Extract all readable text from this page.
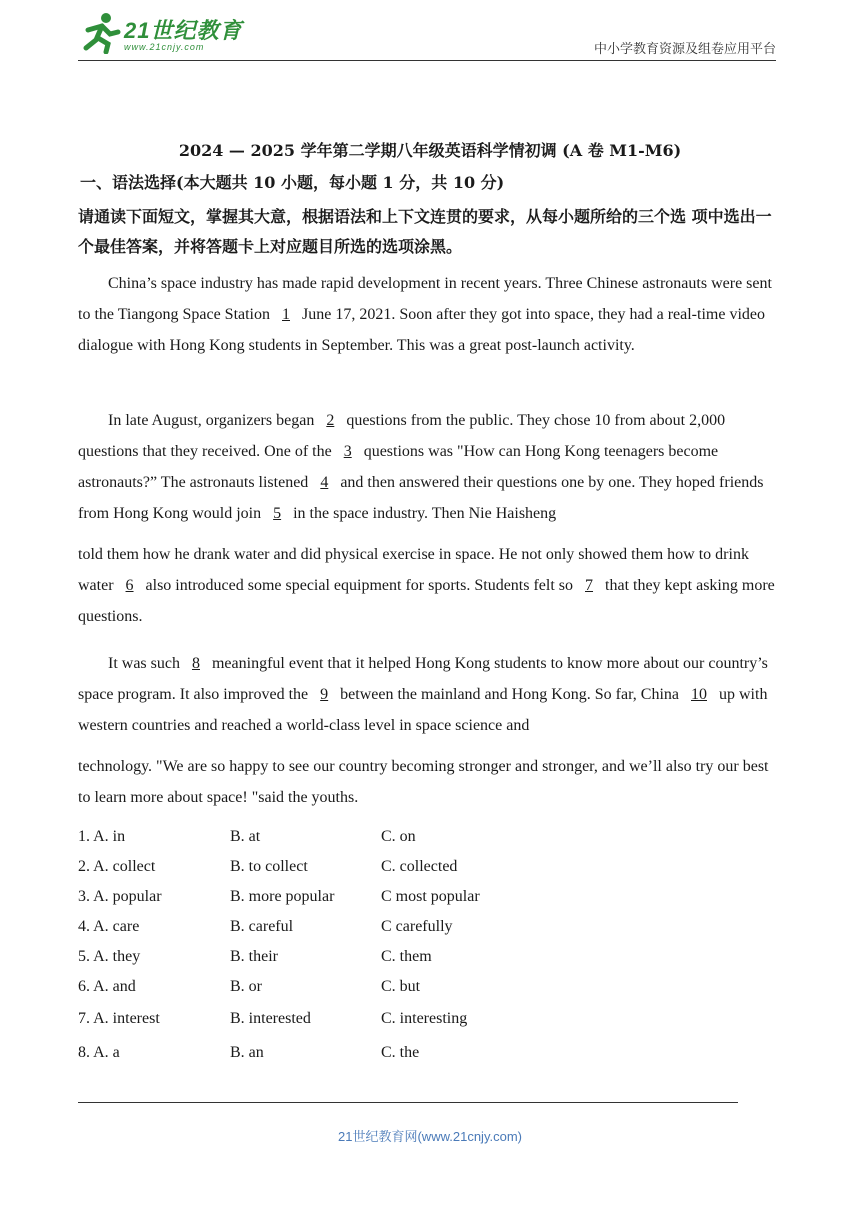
21世纪教育
www.21cnjy.com	中小学教育资源及组卷应用平台
2024 — 2025 学年第二学期八年级英语科学情初调 (A 卷 M1-M6)
一、语法选择(本大题共 10 小题，每小题 1 分，共 10 分)
请通读下面短文，掌握其大意，根据语法和上下文连贯的要求，从每小题所给的三个选 项中选出一个最佳答案，并将答题卡上对应题目所选的选项涂黑。

China’s space industry has made rapid development in recent years. Three Chinese astronauts were sent to the Tiangong Space Station 1 June 17, 2021. Soon after they got into space, they had a real-time video dialogue with Hong Kong students in September. This was a great post-launch activity.

In late August, organizers began 2 questions from the public. They chose 10 from about 2,000 questions that they received. One of the 3 questions was "How can Hong Kong teenagers become astronauts?” The astronauts listened 4 and then answered their questions one by one. They hoped friends from Hong Kong would join 5 in the space industry. Then Nie Haisheng

told them how he drank water and did physical exercise in space. He not only showed them how to drink water 6 also introduced some special equipment for sports. Students felt so 7 that they kept asking more questions.

It was such 8 meaningful event that it helped Hong Kong students to know more about our country’s space program. It also improved the 9 between the mainland and Hong Kong. So far, China 10 up with western countries and reached a world-class level in space science and

technology. "We are so happy to see our country becoming stronger and stronger, and we’ll also try our best to learn more about space! "said the youths.

1. A. in	B. at	C. on
2. A. collect	B. to collect	C. collected
3. A. popular	B. more popular	C most popular
4. A. care	B. careful	C carefully
5. A. they	B. their	C. them
6. A. and	B. or	C. but
7. A. interest	B. interested	C. interesting
8. A. a	B. an	C. the
21世纪教育网(www.21cnjy.com)
